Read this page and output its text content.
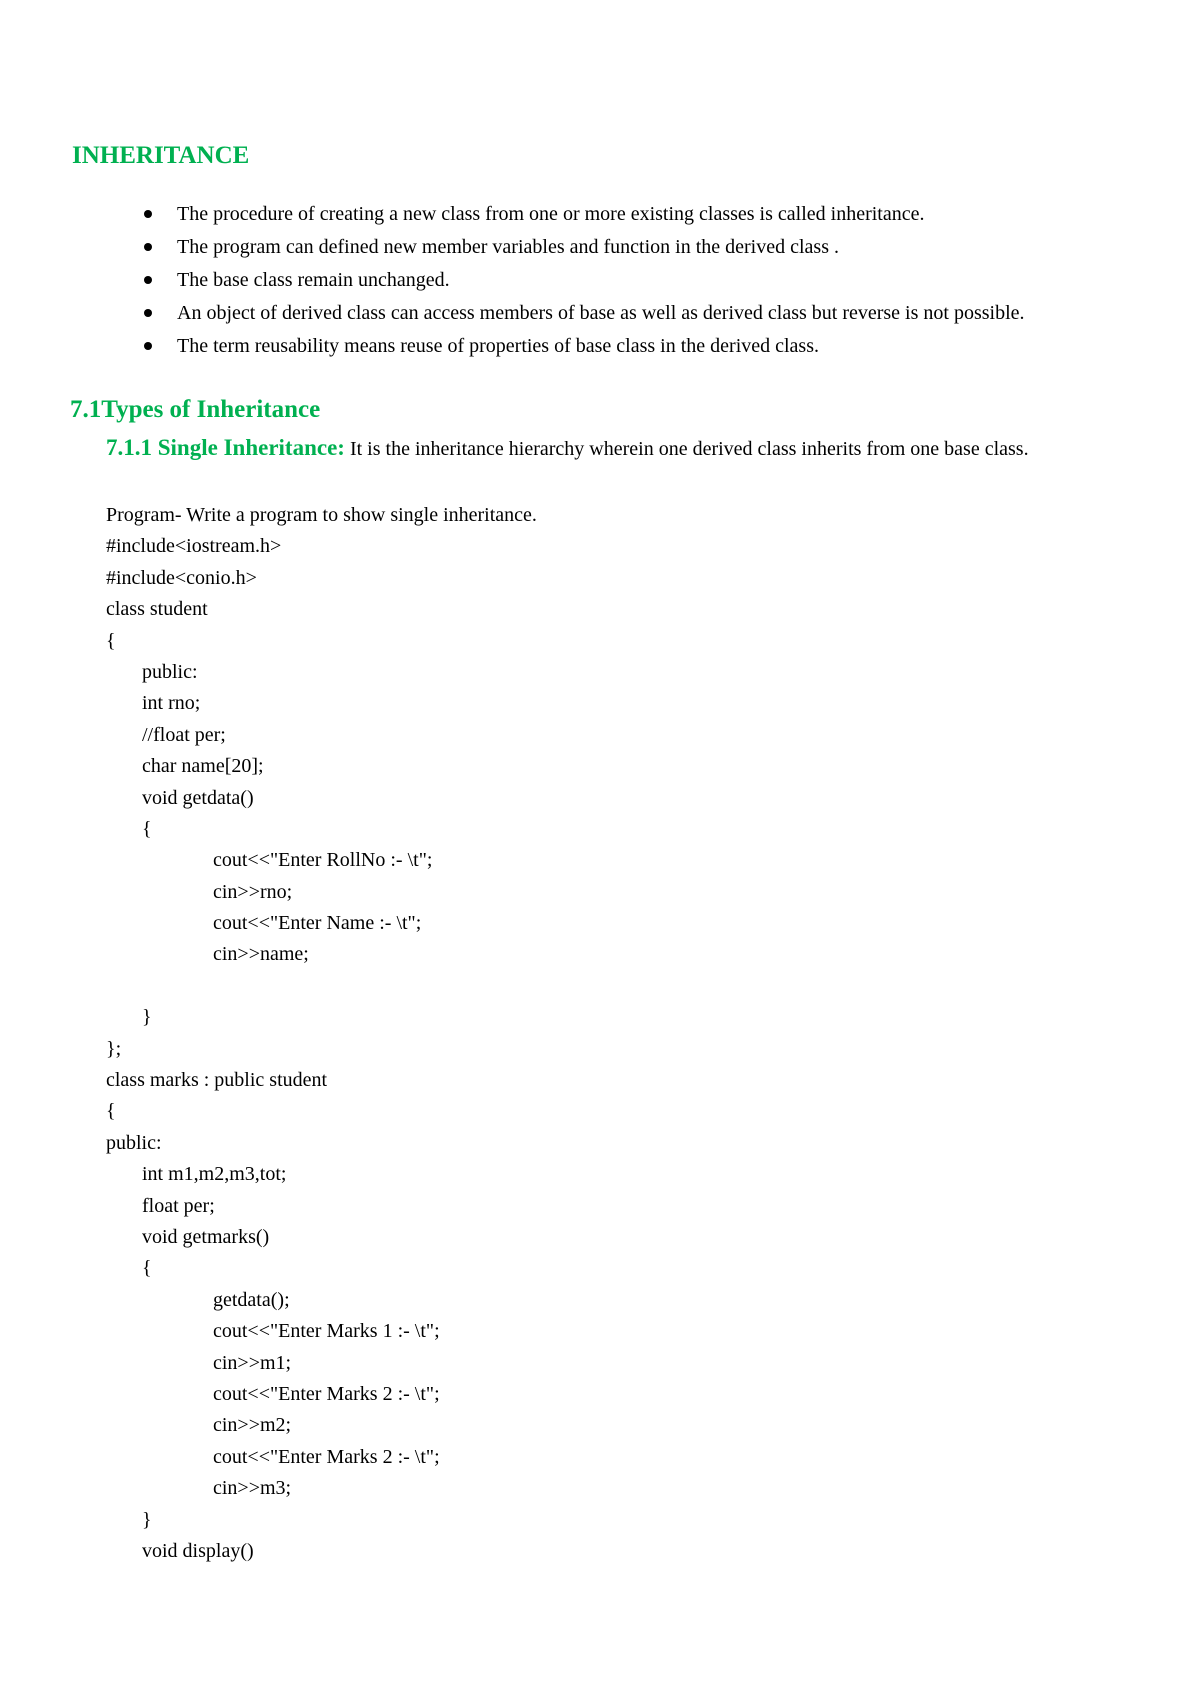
INHERITANCE
The procedure of creating a new class from one or more existing classes is called inheritance.
The program can defined new member variables and function in the derived class .
The base class remain unchanged.
An object of derived class can access members of base as well as derived class but reverse is not possible.
The term reusability means reuse of properties of base class in the derived class.
7.1Types of Inheritance
7.1.1 Single Inheritance: It is the inheritance hierarchy wherein one derived class inherits from one base class.
Program- Write a program to show single inheritance.
#include<iostream.h>
#include<conio.h>
class student
{
public:
int rno;
//float per;
char name[20];
void getdata()
{
cout<<"Enter RollNo :- \t";
cin>>rno;
cout<<"Enter Name :- \t";
cin>>name;
}
};
class marks : public student
{
public:
int m1,m2,m3,tot;
float per;
void getmarks()
{
getdata();
cout<<"Enter Marks 1 :- \t";
cin>>m1;
cout<<"Enter Marks 2 :- \t";
cin>>m2;
cout<<"Enter Marks 2 :- \t";
cin>>m3;
}
void display()
